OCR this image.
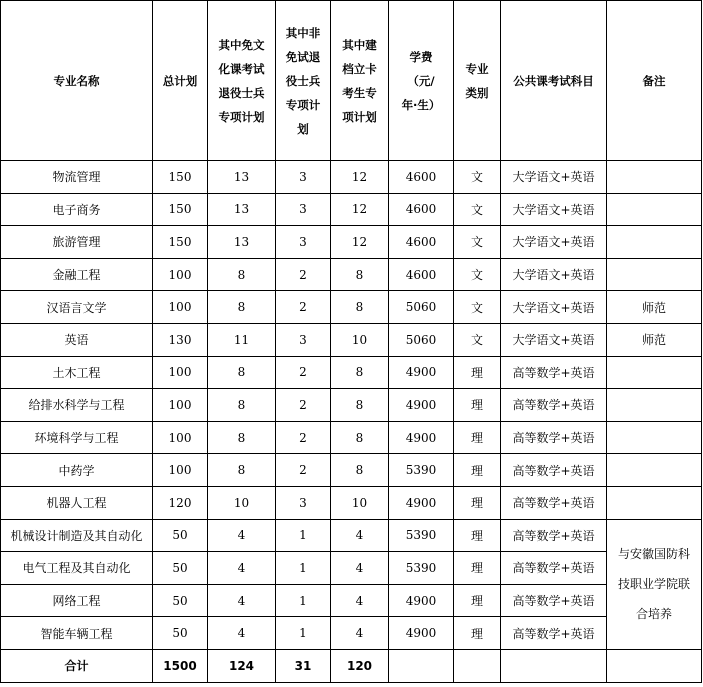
专业名称	总计划	其中免文
化课考试
退役士兵
专项计划	其中非
免试退
役士兵
专项计
划	其中建
档立卡
考生专
项计划	学费
（元/
年·生）	专业
类别	公共课考试科目	备注

物流管理	150	13	3	12	4600	文	大学语文+英语	
电子商务	150	13	3	12	4600	文	大学语文+英语	
旅游管理	150	13	3	12	4600	文	大学语文+英语	
金融工程	100	8	2	8	4600	文	大学语文+英语	
汉语言文学	100	8	2	8	5060	文	大学语文+英语	师范
英语	130	11	3	10	5060	文	大学语文+英语	师范
土木工程	100	8	2	8	4900	理	高等数学+英语	
给排水科学与工程	100	8	2	8	4900	理	高等数学+英语	
环境科学与工程	100	8	2	8	4900	理	高等数学+英语	
中药学	100	8	2	8	5390	理	高等数学+英语	
机器人工程	120	10	3	10	4900	理	高等数学+英语	
机械设计制造及其自动化	50	4	1	4	5390	理	高等数学+英语	与安徽国防科
技职业学院联
合培养
电气工程及其自动化	50	4	1	4	5390	理	高等数学+英语	
网络工程	50	4	1	4	4900	理	高等数学+英语	
智能车辆工程	50	4	1	4	4900	理	高等数学+英语	
合计	1500	124	31	120				
